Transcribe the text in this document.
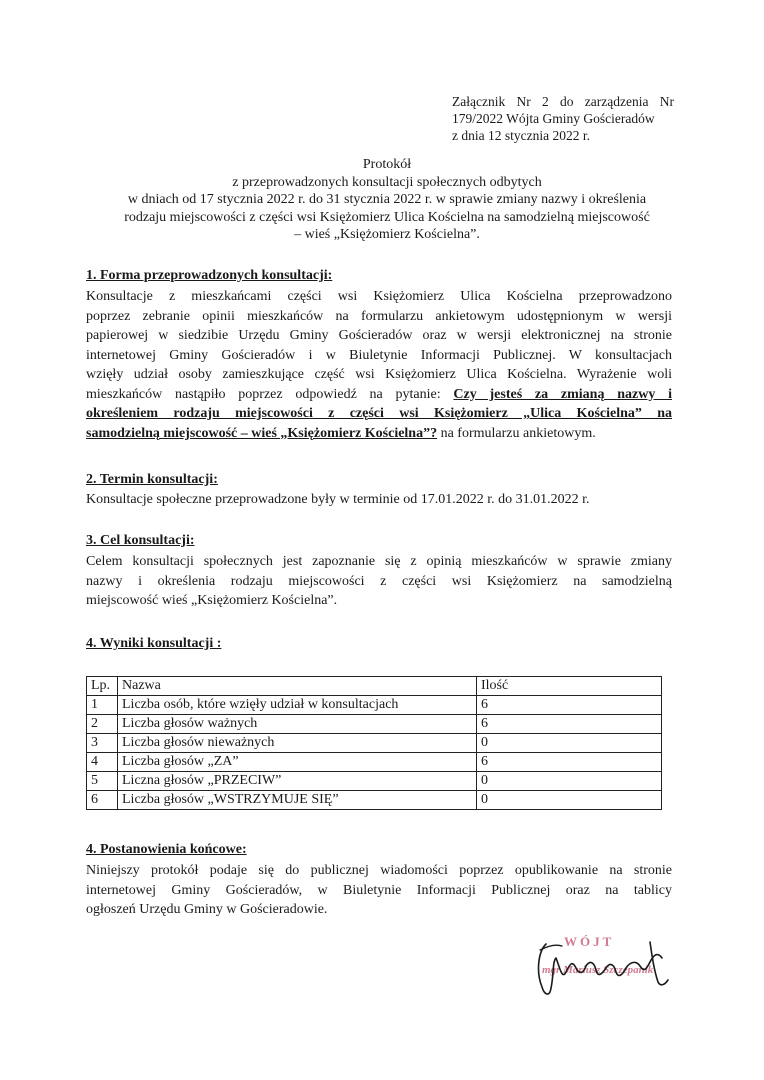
Załącznik Nr 2 do zarządzenia Nr
179/2022 Wójta Gminy Gościeradów
z dnia 12 stycznia 2022 r.
Protokół
z przeprowadzonych konsultacji społecznych odbytych
w dniach od 17 stycznia 2022 r. do 31 stycznia 2022 r. w sprawie zmiany nazwy i określenia
rodzaju miejscowości z części wsi Księżomierz Ulica Kościelna na samodzielną miejscowość
– wieś „Księżomierz Kościelna”.
1. Forma przeprowadzonych konsultacji:
Konsultacje z mieszkańcami części wsi Księżomierz Ulica Kościelna przeprowadzono
poprzez zebranie opinii mieszkańców na formularzu ankietowym udostępnionym w wersji
papierowej w siedzibie Urzędu Gminy Gościeradów oraz w wersji elektronicznej na stronie
internetowej Gminy Gościeradów i w Biuletynie Informacji Publicznej. W konsultacjach
wzięły udział osoby zamieszkujące część wsi Księżomierz Ulica Kościelna. Wyrażenie woli
mieszkańców nastąpiło poprzez odpowiedź na pytanie: Czy jesteś za zmianą nazwy i
określeniem rodzaju miejscowości z części wsi Księżomierz „Ulica Kościelna” na
samodzielną miejscowość – wieś „Księżomierz Kościelna”? na formularzu ankietowym.
2. Termin konsultacji:
Konsultacje społeczne przeprowadzone były w terminie od 17.01.2022 r. do 31.01.2022 r.
3. Cel konsultacji:
Celem konsultacji społecznych jest zapoznanie się z opinią mieszkańców w sprawie zmiany
nazwy i określenia rodzaju miejscowości z części wsi Księżomierz na samodzielną
miejscowość wieś „Księżomierz Kościelna”.
4. Wyniki konsultacji :
Lp.	Nazwa	Ilość
1	Liczba osób, które wzięły udział w konsultacjach	6
2	Liczba głosów ważnych	6
3	Liczba głosów nieważnych	0
4	Liczba głosów „ZA”	6
5	Liczna głosów „PRZECIW”	0
6	Liczba głosów „WSTRZYMUJE SIĘ”	0
4. Postanowienia końcowe:
Niniejszy protokół podaje się do publicznej wiadomości poprzez opublikowanie na stronie
internetowej Gminy Gościeradów, w Biuletynie Informacji Publicznej oraz na tablicy
ogłoszeń Urzędu Gminy w Gościeradowie.
WÓJT
mgr Mariusz Szczepanik
